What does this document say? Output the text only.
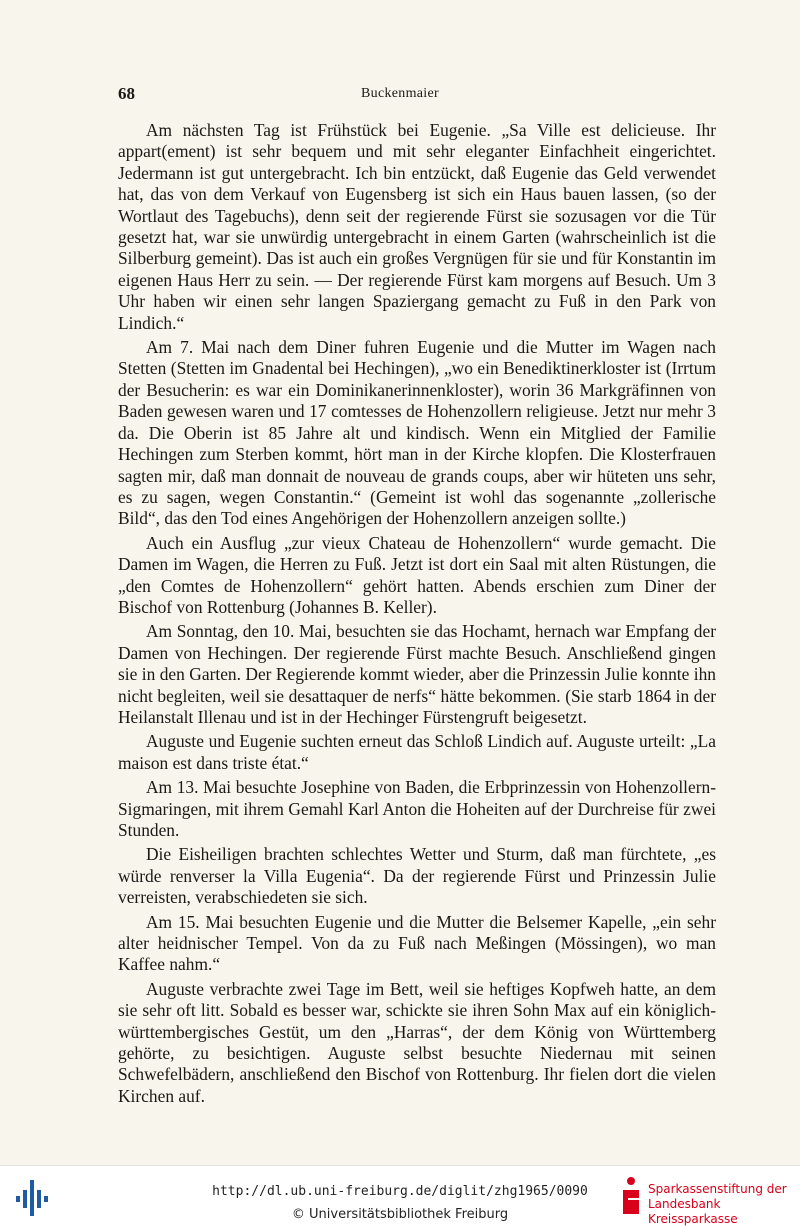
68	Buckenmaier

Am nächsten Tag ist Frühstück bei Eugenie. „Sa Ville est delicieuse. Ihr appart(ement) ist sehr bequem und mit sehr eleganter Einfachheit eingerichtet. Jedermann ist gut untergebracht. Ich bin entzückt, daß Eugenie das Geld verwendet hat, das von dem Verkauf von Eugensberg ist sich ein Haus bauen lassen, (so der Wortlaut des Tagebuchs), denn seit der regierende Fürst sie sozusagen vor die Tür gesetzt hat, war sie unwürdig untergebracht in einem Garten (wahrscheinlich ist die Silberburg gemeint). Das ist auch ein großes Vergnügen für sie und für Konstantin im eigenen Haus Herr zu sein. — Der regierende Fürst kam morgens auf Besuch. Um 3 Uhr haben wir einen sehr langen Spaziergang gemacht zu Fuß in den Park von Lindich.“

Am 7. Mai nach dem Diner fuhren Eugenie und die Mutter im Wagen nach Stetten (Stetten im Gnadental bei Hechingen), „wo ein Benediktinerkloster ist (Irrtum der Besucherin: es war ein Dominikanerinnenkloster), worin 36 Markgräfinnen von Baden gewesen waren und 17 comtesses de Hohenzollern religieuse. Jetzt nur mehr 3 da. Die Oberin ist 85 Jahre alt und kindisch. Wenn ein Mitglied der Familie Hechingen zum Sterben kommt, hört man in der Kirche klopfen. Die Klosterfrauen sagten mir, daß man donnait de nouveau de grands coups, aber wir hüteten uns sehr, es zu sagen, wegen Constantin.“ (Gemeint ist wohl das sogenannte „zollerische Bild“, das den Tod eines Angehörigen der Hohenzollern anzeigen sollte.)

Auch ein Ausflug „zur vieux Chateau de Hohenzollern“ wurde gemacht. Die Damen im Wagen, die Herren zu Fuß. Jetzt ist dort ein Saal mit alten Rüstungen, die „den Comtes de Hohenzollern“ gehört hatten. Abends erschien zum Diner der Bischof von Rottenburg (Johannes B. Keller).

Am Sonntag, den 10. Mai, besuchten sie das Hochamt, hernach war Empfang der Damen von Hechingen. Der regierende Fürst machte Besuch. Anschließend gingen sie in den Garten. Der Regierende kommt wieder, aber die Prinzessin Julie konnte ihn nicht begleiten, weil sie desattaquer de nerfs“ hätte bekommen. (Sie starb 1864 in der Heilanstalt Illenau und ist in der Hechinger Fürstengruft beigesetzt.

Auguste und Eugenie suchten erneut das Schloß Lindich auf. Auguste urteilt: „La maison est dans triste état.“

Am 13. Mai besuchte Josephine von Baden, die Erbprinzessin von Hohenzollern-Sigmaringen, mit ihrem Gemahl Karl Anton die Hoheiten auf der Durchreise für zwei Stunden.

Die Eisheiligen brachten schlechtes Wetter und Sturm, daß man fürchtete, „es würde renverser la Villa Eugenia“. Da der regierende Fürst und Prinzessin Julie verreisten, verabschiedeten sie sich.

Am 15. Mai besuchten Eugenie und die Mutter die Belsemer Kapelle, „ein sehr alter heidnischer Tempel. Von da zu Fuß nach Meßingen (Mössingen), wo man Kaffee nahm.“

Auguste verbrachte zwei Tage im Bett, weil sie heftiges Kopfweh hatte, an dem sie sehr oft litt. Sobald es besser war, schickte sie ihren Sohn Max auf ein königlich-württembergisches Gestüt, um den „Harras“, der dem König von Württemberg gehörte, zu besichtigen. Auguste selbst besuchte Niedernau mit seinen Schwefelbädern, anschließend den Bischof von Rottenburg. Ihr fielen dort die vielen Kirchen auf.

http://dl.ub.uni-freiburg.de/diglit/zhg1965/0090
© Universitätsbibliothek Freiburg
Sparkassenstiftung der
Landesbank Kreissparkasse
